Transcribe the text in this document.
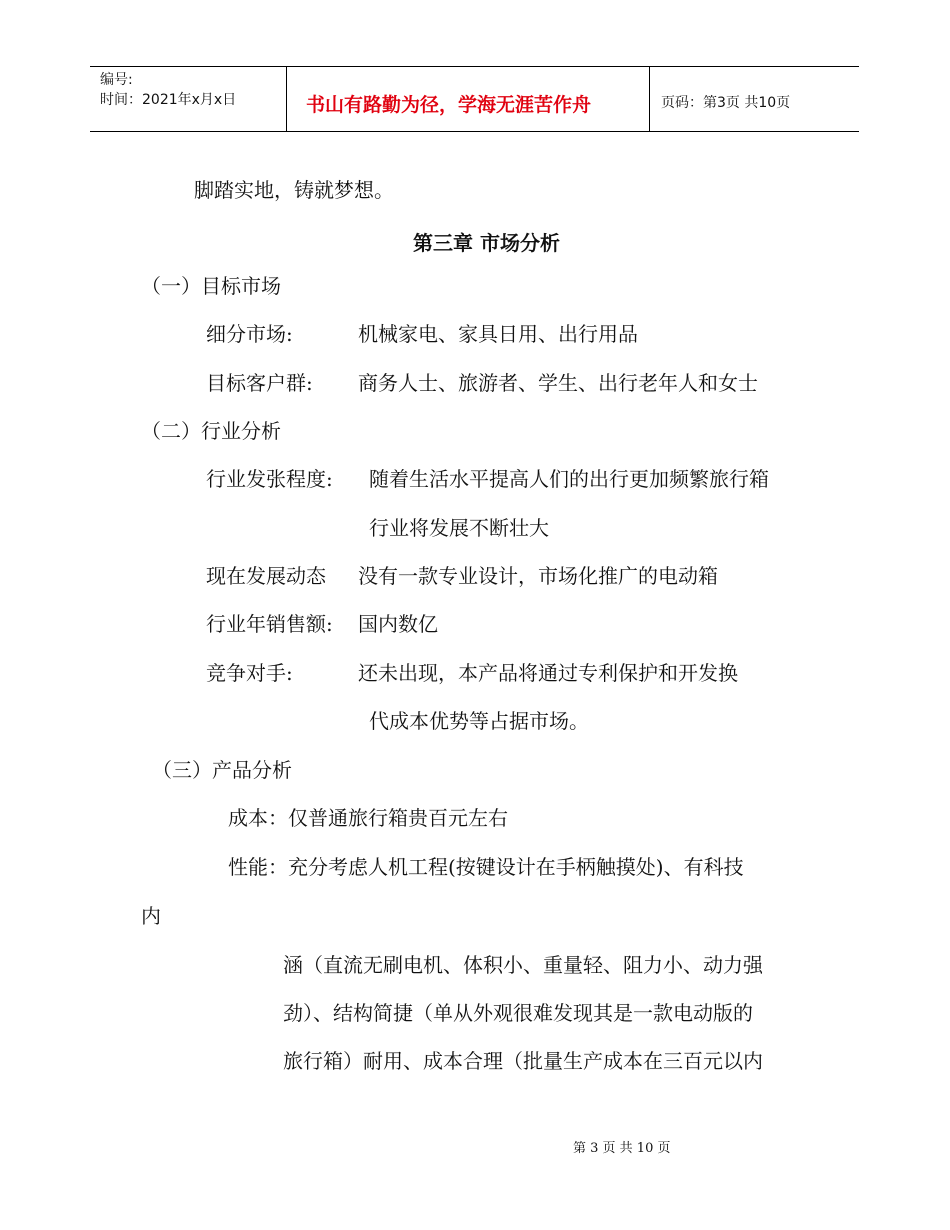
编号:
时间：2021年x月x日	书山有路勤为径，学海无涯苦作舟	页码：第3页 共10页
脚踏实地，铸就梦想。
第三章 市场分析
（一）目标市场
细分市场:	机械家电、家具日用、出行用品
目标客户群: 商务人士、旅游者、学生、出行老年人和女士
（二）行业分析
行业发张程度: 随着生活水平提高人们的出行更加频繁旅行箱
行业将发展不断壮大
现在发展动态 没有一款专业设计，市场化推广的电动箱
行业年销售额: 国内数亿
竞争对手:	还未出现，本产品将通过专利保护和开发换
代成本优势等占据市场。
（三）产品分析
成本：仅普通旅行箱贵百元左右
性能：充分考虑人机工程(按键设计在手柄触摸处)、有科技
内
涵（直流无刷电机、体积小、重量轻、阻力小、动力强
劲）、结构简捷（单从外观很难发现其是一款电动版的
旅行箱）耐用、成本合理（批量生产成本在三百元以内
第 3 页 共 10 页
